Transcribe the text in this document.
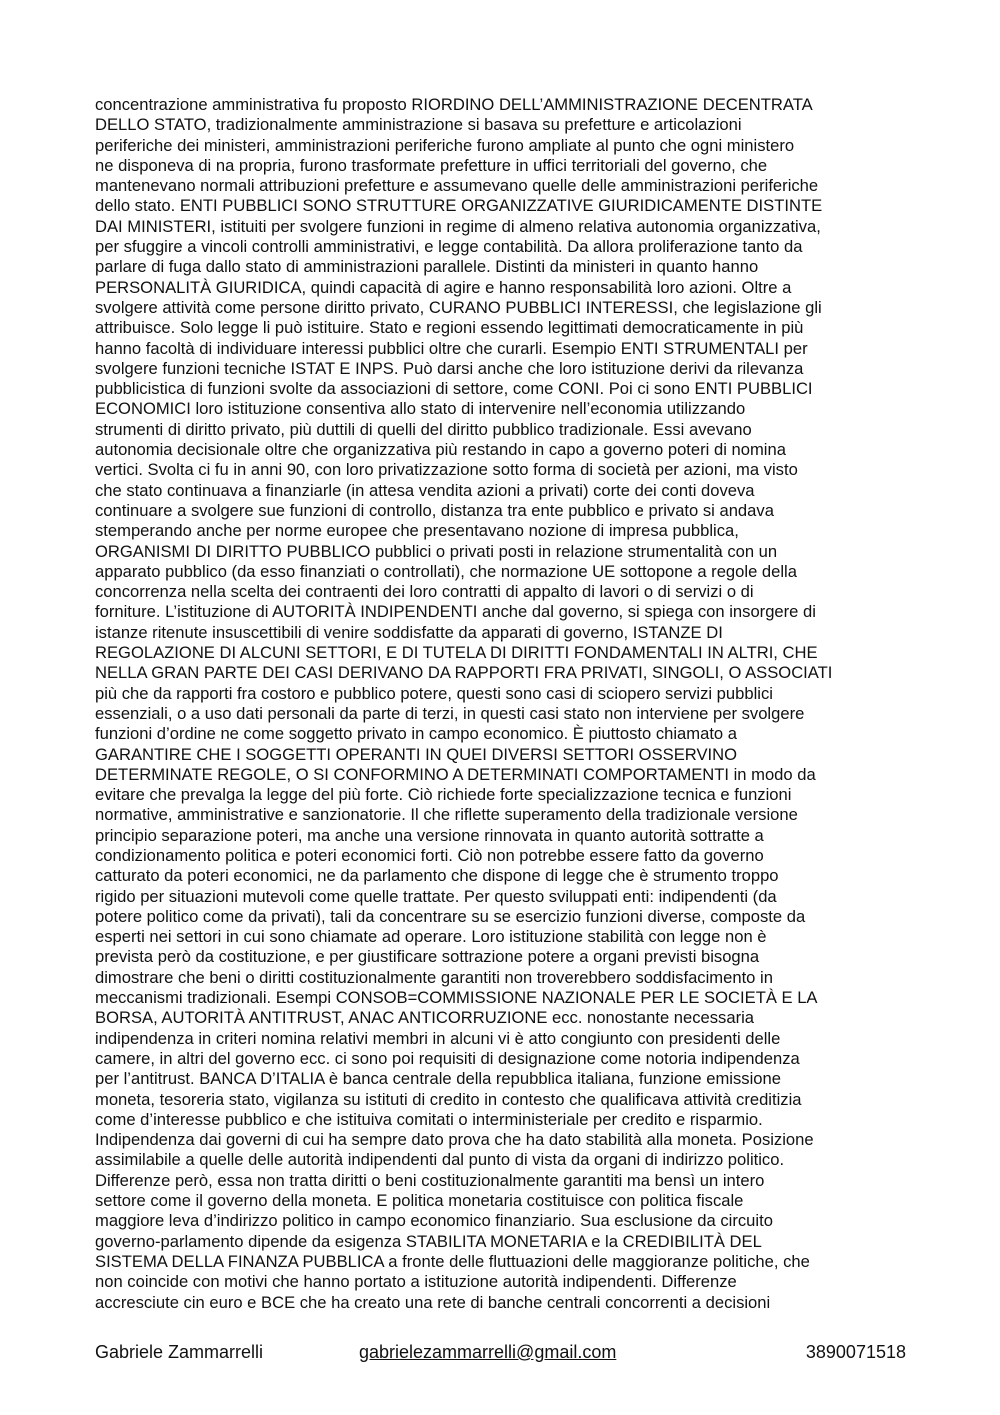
concentrazione amministrativa fu proposto RIORDINO DELL’AMMINISTRAZIONE DECENTRATA
DELLO STATO, tradizionalmente amministrazione si basava su prefetture e articolazioni
periferiche dei ministeri, amministrazioni periferiche furono ampliate al punto che ogni ministero
ne disponeva di na propria, furono trasformate prefetture in uffici territoriali del governo, che
mantenevano normali attribuzioni prefetture e assumevano quelle delle amministrazioni periferiche
dello stato. ENTI PUBBLICI SONO STRUTTURE ORGANIZZATIVE GIURIDICAMENTE DISTINTE
DAI MINISTERI, istituiti per svolgere funzioni in regime di almeno relativa autonomia organizzativa,
per sfuggire a vincoli controlli amministrativi, e legge contabilità. Da allora proliferazione tanto da
parlare di fuga dallo stato di amministrazioni parallele. Distinti da ministeri in quanto hanno
PERSONALITÀ GIURIDICA, quindi capacità di agire e hanno responsabilità loro azioni. Oltre a
svolgere attività come persone diritto privato, CURANO PUBBLICI INTERESSI, che legislazione gli
attribuisce. Solo legge li può istituire. Stato e regioni essendo legittimati democraticamente in più
hanno facoltà di individuare interessi pubblici oltre che curarli. Esempio ENTI STRUMENTALI per
svolgere funzioni tecniche ISTAT E INPS. Può darsi anche che loro istituzione derivi da rilevanza
pubblicistica di funzioni svolte da associazioni di settore, come CONI. Poi ci sono ENTI PUBBLICI
ECONOMICI loro istituzione consentiva allo stato di intervenire nell’economia utilizzando
strumenti di diritto privato, più duttili di quelli del diritto pubblico tradizionale. Essi avevano
autonomia decisionale oltre che organizzativa più restando in capo a governo poteri di nomina
vertici. Svolta ci fu in anni 90, con loro privatizzazione sotto forma di società per azioni, ma visto
che stato continuava a finanziarle (in attesa vendita azioni a privati) corte dei conti doveva
continuare a svolgere sue funzioni di controllo, distanza tra ente pubblico e privato si andava
stemperando anche per norme europee che presentavano nozione di impresa pubblica,
ORGANISMI DI DIRITTO PUBBLICO pubblici o privati posti in relazione strumentalità con un
apparato pubblico (da esso finanziati o controllati), che normazione UE sottopone a regole della
concorrenza nella scelta dei contraenti dei loro contratti di appalto di lavori o di servizi o di
forniture. L’istituzione di AUTORITÀ INDIPENDENTI anche dal governo, si spiega con insorgere di
istanze ritenute insuscettibili di venire soddisfatte da apparati di governo, ISTANZE DI
REGOLAZIONE DI ALCUNI SETTORI, E DI TUTELA DI DIRITTI FONDAMENTALI IN ALTRI, CHE
NELLA GRAN PARTE DEI CASI DERIVANO DA RAPPORTI FRA PRIVATI, SINGOLI, O ASSOCIATI
più che da rapporti fra costoro e pubblico potere, questi sono casi di sciopero servizi pubblici
essenziali, o a uso dati personali da parte di terzi, in questi casi stato non interviene per svolgere
funzioni d’ordine ne come soggetto privato in campo economico. È piuttosto chiamato a
GARANTIRE CHE I SOGGETTI OPERANTI IN QUEI DIVERSI SETTORI OSSERVINO
DETERMINATE REGOLE, O SI CONFORMINO A DETERMINATI COMPORTAMENTI in modo da
evitare che prevalga la legge del più forte. Ciò richiede forte specializzazione tecnica e funzioni
normative, amministrative e sanzionatorie. Il che riflette superamento della tradizionale versione
principio separazione poteri, ma anche una versione rinnovata in quanto autorità sottratte a
condizionamento politica e poteri economici forti. Ciò non potrebbe essere fatto da governo
catturato da poteri economici, ne da parlamento che dispone di legge che è strumento troppo
rigido per situazioni mutevoli come quelle trattate. Per questo sviluppati enti: indipendenti (da
potere politico come da privati), tali da concentrare su se esercizio funzioni diverse, composte da
esperti nei settori in cui sono chiamate ad operare. Loro istituzione stabilità con legge non è
prevista però da costituzione, e per giustificare sottrazione potere a organi previsti bisogna
dimostrare che beni o diritti costituzionalmente garantiti non troverebbero soddisfacimento in
meccanismi tradizionali. Esempi CONSOB=COMMISSIONE NAZIONALE PER LE SOCIETÀ E LA
BORSA, AUTORITÀ ANTITRUST, ANAC ANTICORRUZIONE ecc. nonostante necessaria
indipendenza in criteri nomina relativi membri in alcuni vi è atto congiunto con presidenti delle
camere, in altri del governo ecc. ci sono poi requisiti di designazione come notoria indipendenza
per l’antitrust. BANCA D’ITALIA è banca centrale della repubblica italiana, funzione emissione
moneta, tesoreria stato, vigilanza su istituti di credito in contesto che qualificava attività creditizia
come d’interesse pubblico e che istituiva comitati o interministeriale per credito e risparmio.
Indipendenza dai governi di cui ha sempre dato prova che ha dato stabilità alla moneta. Posizione
assimilabile a quelle delle autorità indipendenti dal punto di vista da organi di indirizzo politico.
Differenze però, essa non tratta diritti o beni costituzionalmente garantiti ma bensì un intero
settore come il governo della moneta. E politica monetaria costituisce con politica fiscale
maggiore leva d’indirizzo politico in campo economico finanziario. Sua esclusione da circuito
governo-parlamento dipende da esigenza STABILITA MONETARIA e la CREDIBILITÀ DEL
SISTEMA DELLA FINANZA PUBBLICA a fronte delle fluttuazioni delle maggioranze politiche, che
non coincide con motivi che hanno portato a istituzione autorità indipendenti. Differenze
accresciute cin euro e BCE che ha creato una rete di banche centrali concorrenti a decisioni
Gabriele Zammarrelli	gabrielezammarrelli@gmail.com	3890071518
